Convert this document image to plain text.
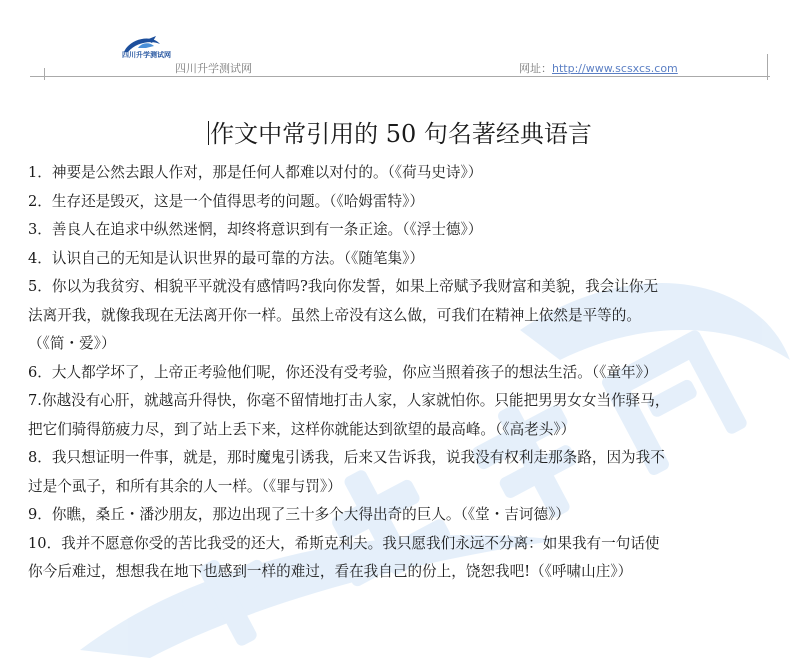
四川升学测试网
四川升学测试网	网址：http://www.scsxcs.com
作文中常引用的 50 句名著经典语言
1．神要是公然去跟人作对，那是任何人都难以对付的。（《荷马史诗》）
2．生存还是毁灭，这是一个值得思考的问题。（《哈姆雷特》）
3．善良人在追求中纵然迷惘，却终将意识到有一条正途。（《浮士德》）
4．认识自己的无知是认识世界的最可靠的方法。（《随笔集》）
5．你以为我贫穷、相貌平平就没有感情吗?我向你发誓，如果上帝赋予我财富和美貌，我会让你无
法离开我，就像我现在无法离开你一样。虽然上帝没有这么做，可我们在精神上依然是平等的。
（《简・爱》）
6．大人都学坏了，上帝正考验他们呢，你还没有受考验，你应当照着孩子的想法生活。（《童年》）
7.你越没有心肝，就越高升得快，你毫不留情地打击人家，人家就怕你。只能把男男女女当作驿马，
把它们骑得筋疲力尽，到了站上丢下来，这样你就能达到欲望的最高峰。（《高老头》）
8．我只想证明一件事，就是，那时魔鬼引诱我，后来又告诉我，说我没有权利走那条路，因为我不
过是个虱子，和所有其余的人一样。（《罪与罚》）
9．你瞧，桑丘・潘沙朋友，那边出现了三十多个大得出奇的巨人。（《堂・吉诃德》）
10．我并不愿意你受的苦比我受的还大，希斯克利夫。我只愿我们永远不分离：如果我有一句话使
你今后难过，想想我在地下也感到一样的难过，看在我自己的份上，饶恕我吧!（《呼啸山庄》）
